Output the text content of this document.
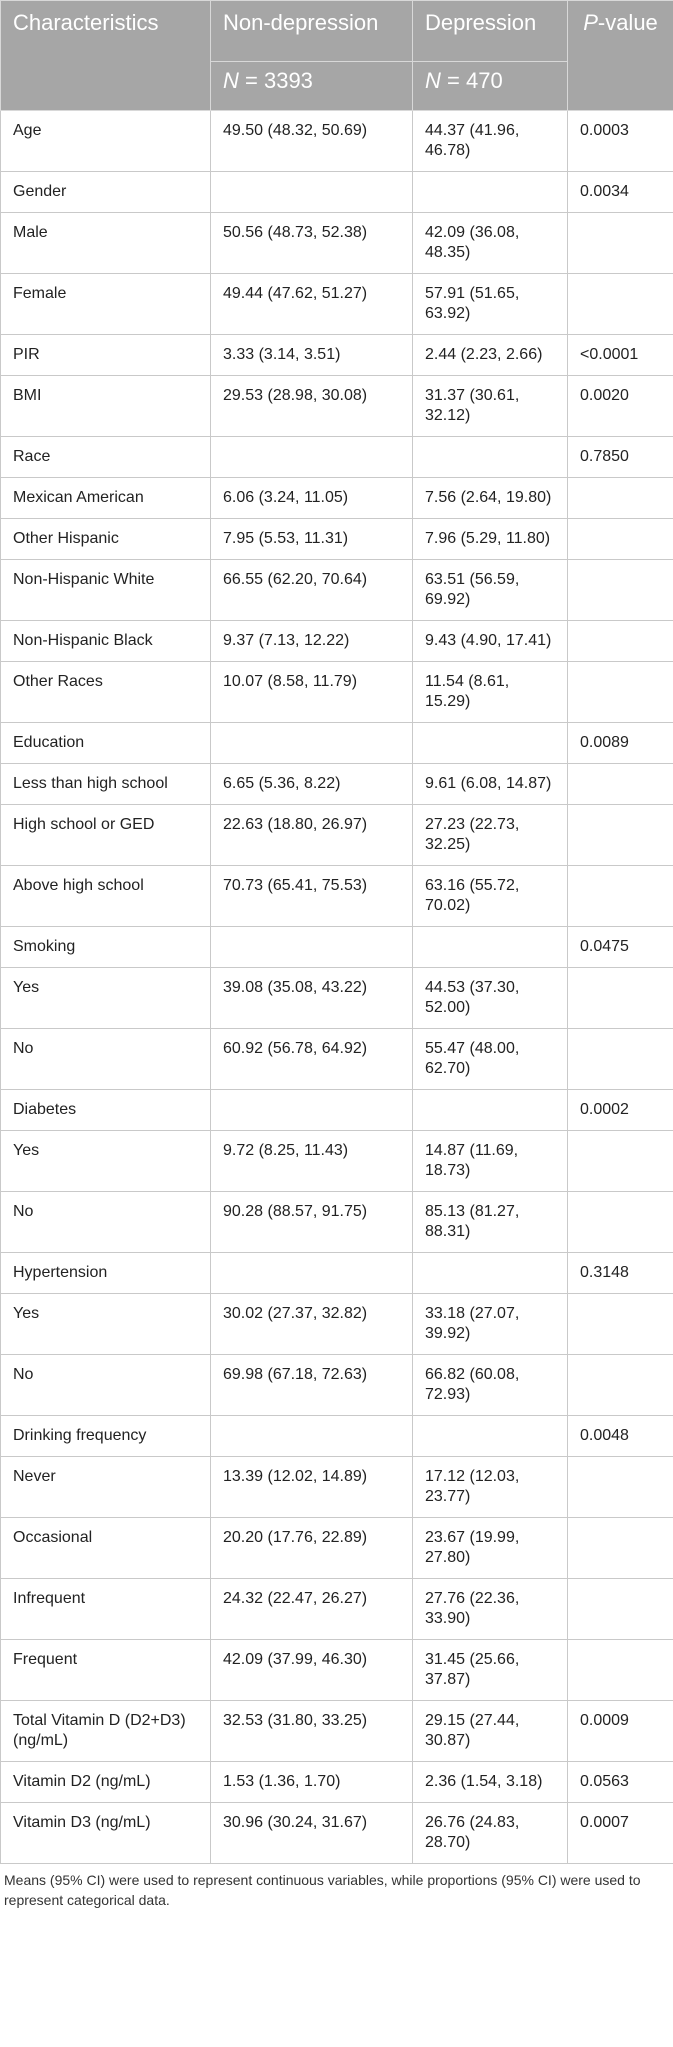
Characteristics	Non-depression	Depression	P-value
	N = 3393	N = 470	
Age	49.50 (48.32, 50.69)	44.37 (41.96, 46.78)	0.0003
Gender			0.0034
Male	50.56 (48.73, 52.38)	42.09 (36.08, 48.35)	
Female	49.44 (47.62, 51.27)	57.91 (51.65, 63.92)	
PIR	3.33 (3.14, 3.51)	2.44 (2.23, 2.66)	<0.0001
BMI	29.53 (28.98, 30.08)	31.37 (30.61, 32.12)	0.0020
Race			0.7850
Mexican American	6.06 (3.24, 11.05)	7.56 (2.64, 19.80)	
Other Hispanic	7.95 (5.53, 11.31)	7.96 (5.29, 11.80)	
Non-Hispanic White	66.55 (62.20, 70.64)	63.51 (56.59, 69.92)	
Non-Hispanic Black	9.37 (7.13, 12.22)	9.43 (4.90, 17.41)	
Other Races	10.07 (8.58, 11.79)	11.54 (8.61, 15.29)	
Education			0.0089
Less than high school	6.65 (5.36, 8.22)	9.61 (6.08, 14.87)	
High school or GED	22.63 (18.80, 26.97)	27.23 (22.73, 32.25)	
Above high school	70.73 (65.41, 75.53)	63.16 (55.72, 70.02)	
Smoking			0.0475
Yes	39.08 (35.08, 43.22)	44.53 (37.30, 52.00)	
No	60.92 (56.78, 64.92)	55.47 (48.00, 62.70)	
Diabetes			0.0002
Yes	9.72 (8.25, 11.43)	14.87 (11.69, 18.73)	
No	90.28 (88.57, 91.75)	85.13 (81.27, 88.31)	
Hypertension			0.3148
Yes	30.02 (27.37, 32.82)	33.18 (27.07, 39.92)	
No	69.98 (67.18, 72.63)	66.82 (60.08, 72.93)	
Drinking frequency			0.0048
Never	13.39 (12.02, 14.89)	17.12 (12.03, 23.77)	
Occasional	20.20 (17.76, 22.89)	23.67 (19.99, 27.80)	
Infrequent	24.32 (22.47, 26.27)	27.76 (22.36, 33.90)	
Frequent	42.09 (37.99, 46.30)	31.45 (25.66, 37.87)	
Total Vitamin D (D2+D3) (ng/mL)	32.53 (31.80, 33.25)	29.15 (27.44, 30.87)	0.0009
Vitamin D2 (ng/mL)	1.53 (1.36, 1.70)	2.36 (1.54, 3.18)	0.0563
Vitamin D3 (ng/mL)	30.96 (30.24, 31.67)	26.76 (24.83, 28.70)	0.0007
Means (95% CI) were used to represent continuous variables, while proportions (95% CI) were used to represent categorical data.
